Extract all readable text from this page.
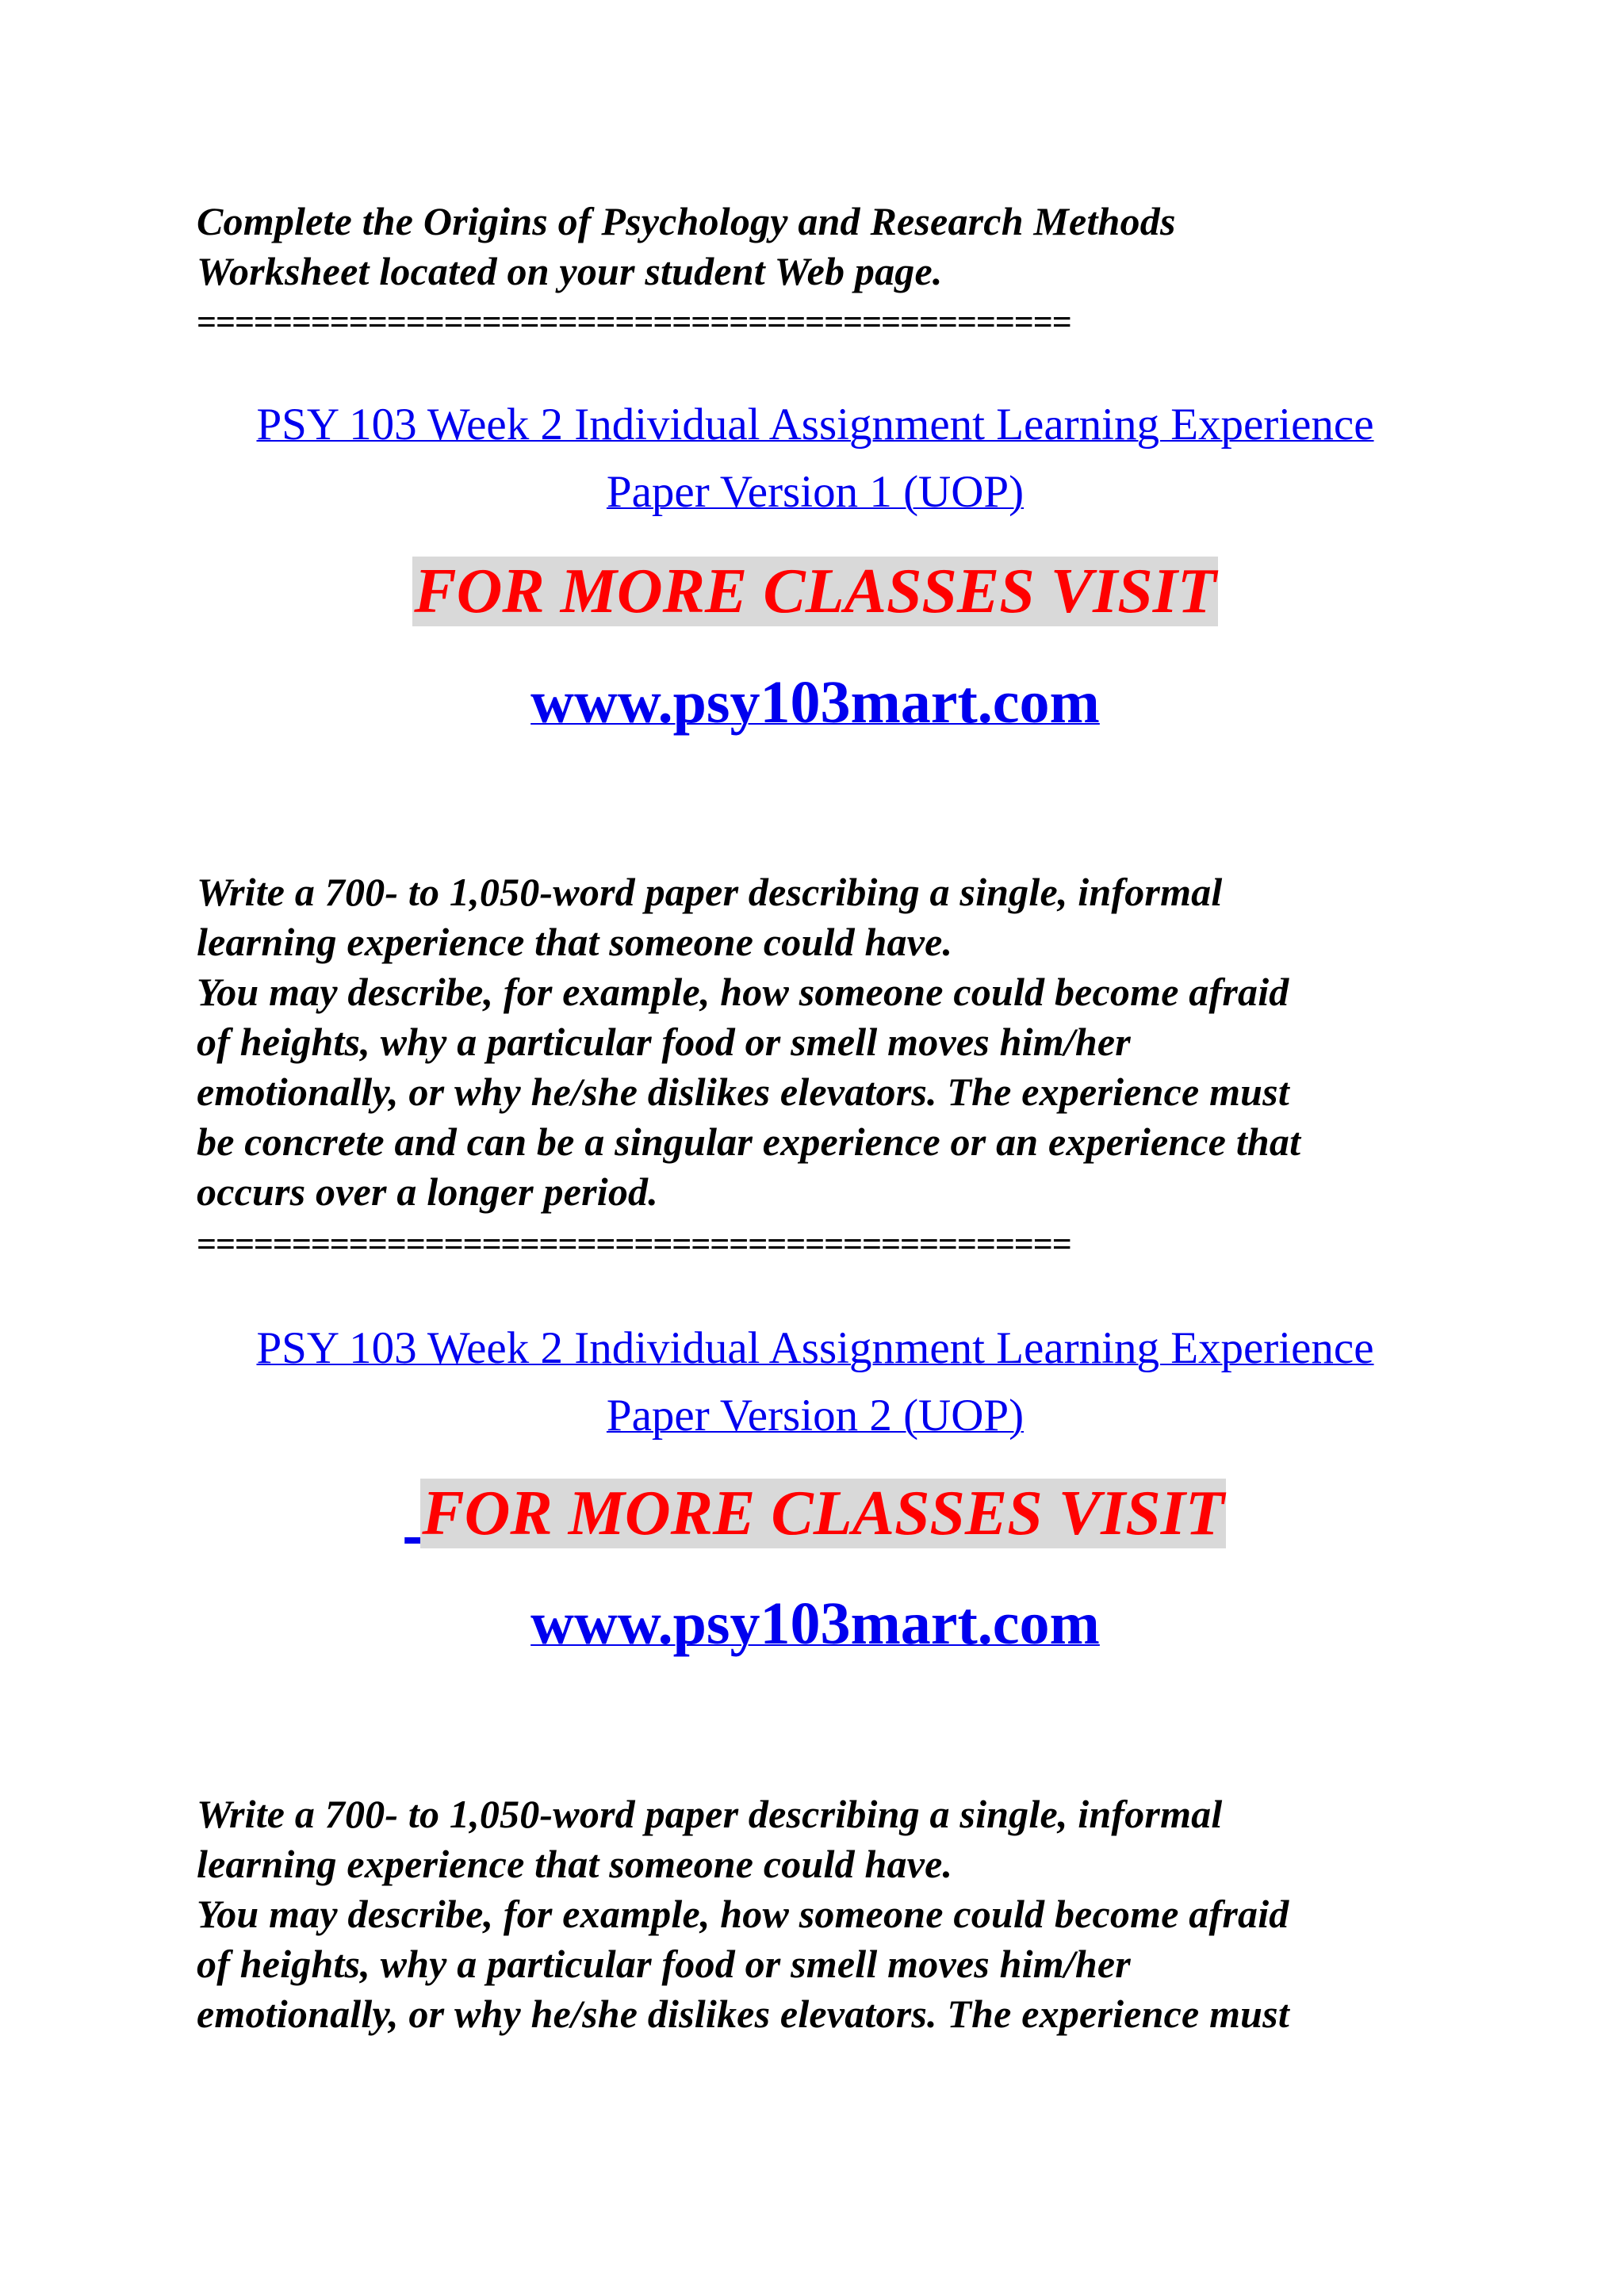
Complete the Origins of Psychology and Research Methods
Worksheet located on your student Web page.
==============================================
PSY 103 Week 2 Individual Assignment Learning Experience
Paper Version 1 (UOP)
FOR MORE CLASSES VISIT
www.psy103mart.com
Write a 700- to 1,050-word paper describing a single, informal
learning experience that someone could have.
You may describe, for example, how someone could become afraid
of heights, why a particular food or smell moves him/her
emotionally, or why he/she dislikes elevators. The experience must
be concrete and can be a singular experience or an experience that
occurs over a longer period.
==============================================
PSY 103 Week 2 Individual Assignment Learning Experience
Paper Version 2 (UOP)
FOR MORE CLASSES VISIT
www.psy103mart.com
Write a 700- to 1,050-word paper describing a single, informal
learning experience that someone could have.
You may describe, for example, how someone could become afraid
of heights, why a particular food or smell moves him/her
emotionally, or why he/she dislikes elevators. The experience must
